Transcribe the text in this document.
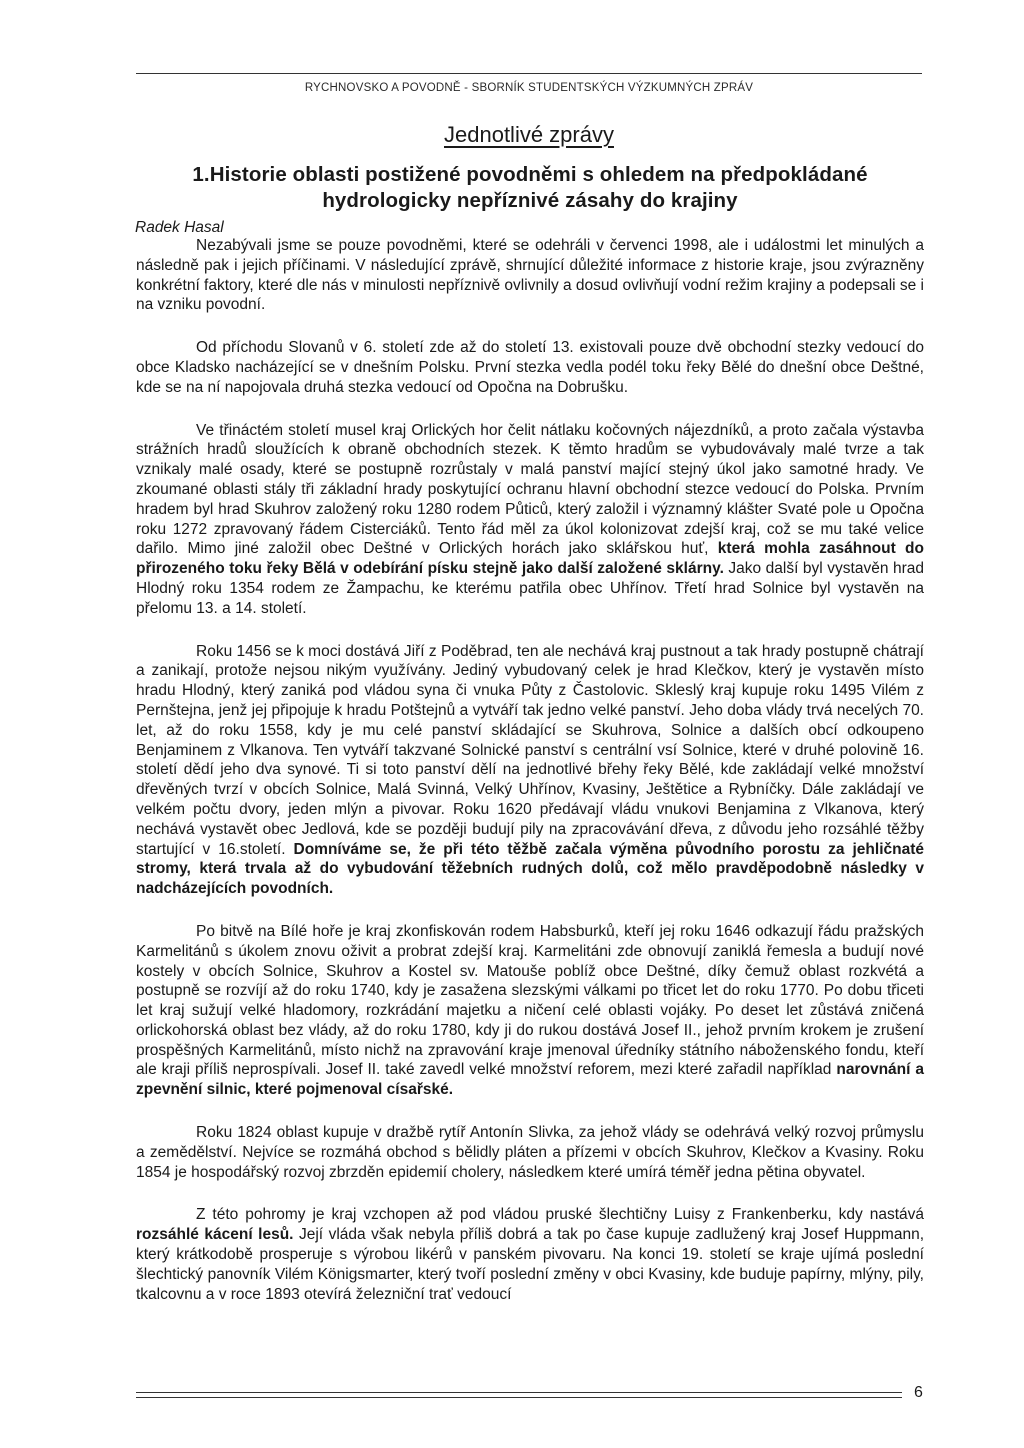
RYCHNOVSKO A POVODNĚ - SBORNÍK STUDENTSKÝCH VÝZKUMNÝCH ZPRÁV
Jednotlivé zprávy
1.Historie oblasti postižené povodněmi s ohledem na předpokládané hydrologicky nepříznivé zásahy do krajiny
Radek Hasal

Nezabývali jsme se pouze povodněmi, které se odehráli v červenci 1998, ale i událostmi let minulých a následně pak i jejich příčinami. V následující zprávě, shrnující důležité informace z historie kraje, jsou zvýrazněny konkrétní faktory, které dle nás v minulosti nepříznivě ovlivnily a dosud ovlivňují vodní režim krajiny a podepsali se i na vzniku povodní.

Od příchodu Slovanů v 6. století zde až do století 13. existovali pouze dvě obchodní stezky vedoucí do obce Kladsko nacházející se v dnešním Polsku. První stezka vedla podél toku řeky Bělé do dnešní obce Deštné, kde se na ní napojovala druhá stezka vedoucí od Opočna na Dobrušku.

Ve třináctém století musel kraj Orlických hor čelit nátlaku kočovných nájezdníků, a proto začala výstavba strážních hradů sloužících k obraně obchodních stezek. K těmto hradům se vybudovávaly malé tvrze a tak vznikaly malé osady, které se postupně rozrůstaly v malá panství mající stejný úkol jako samotné hrady. Ve zkoumané oblasti stály tři základní hrady poskytující ochranu hlavní obchodní stezce vedoucí do Polska. Prvním hradem byl hrad Skuhrov založený roku 1280 rodem Půticů, který založil i významný klášter Svaté pole u Opočna roku 1272 zpravovaný řádem Cisterciáků. Tento řád měl za úkol kolonizovat zdejší kraj, což se mu také velice dařilo. Mimo jiné založil obec Deštné v Orlických horách jako sklářskou huť, která mohla zasáhnout do přirozeného toku řeky Bělá v odebírání písku stejně jako další založené sklárny. Jako další byl vystavěn hrad Hlodný roku 1354 rodem ze Žampachu, ke kterému patřila obec Uhřínov. Třetí hrad Solnice byl vystavěn na přelomu 13. a 14. století.

Roku 1456 se k moci dostává Jiří z Poděbrad, ten ale nechává kraj pustnout a tak hrady postupně chátrají a zanikají, protože nejsou nikým využívány. Jediný vybudovaný celek je hrad Klečkov, který je vystavěn místo hradu Hlodný, který zaniká pod vládou syna či vnuka Půty z Častolovic. Skleslý kraj kupuje roku 1495 Vilém z Pernštejna, jenž jej připojuje k hradu Potštejnů a vytváří tak jedno velké panství. Jeho doba vlády trvá necelých 70. let, až do roku 1558, kdy je mu celé panství skládající se Skuhrova, Solnice a dalších obcí odkoupeno Benjaminem z Vlkanova. Ten vytváří takzvané Solnické panství s centrální vsí Solnice, které v druhé polovině 16. století dědí jeho dva synové. Ti si toto panství dělí na jednotlivé břehy řeky Bělé, kde zakládají velké množství dřevěných tvrzí v obcích Solnice, Malá Svinná, Velký Uhřínov, Kvasiny, Ještětice a Rybníčky. Dále zakládají ve velkém počtu dvory, jeden mlýn a pivovar. Roku 1620 předávají vládu vnukovi Benjamina z Vlkanova, který nechává vystavět obec Jedlová, kde se později budují pily na zpracovávání dřeva, z důvodu jeho rozsáhlé těžby startující v 16.století. Domníváme se, že při této těžbě začala výměna původního porostu za jehličnaté stromy, která trvala až do vybudování těžebních rudných dolů, což mělo pravděpodobně následky v nadcházejících povodních.

Po bitvě na Bílé hoře je kraj zkonfiskován rodem Habsburků, kteří jej roku 1646 odkazují řádu pražských Karmelitánů s úkolem znovu oživit a probrat zdejší kraj. Karmelitáni zde obnovují zaniklá řemesla a budují nové kostely v obcích Solnice, Skuhrov a Kostel sv. Matouše poblíž obce Deštné, díky čemuž oblast rozkvétá a postupně se rozvíjí až do roku 1740, kdy je zasažena slezskými válkami po třicet let do roku 1770. Po dobu třiceti let kraj sužují velké hladomory, rozkrádání majetku a ničení celé oblasti vojáky. Po deset let zůstává zničená orlickohorská oblast bez vlády, až do roku 1780, kdy ji do rukou dostává Josef II., jehož prvním krokem je zrušení prospěšných Karmelitánů, místo nichž na zpravování kraje jmenoval úředníky státního náboženského fondu, kteří ale kraji příliš neprospívali. Josef II. také zavedl velké množství reforem, mezi které zařadil například narovnání a zpevnění silnic, které pojmenoval císařské.

Roku 1824 oblast kupuje v dražbě rytíř Antonín Slivka, za jehož vlády se odehrává velký rozvoj průmyslu a zemědělství. Nejvíce se rozmáhá obchod s bělidly pláten a přízemi v obcích Skuhrov, Klečkov a Kvasiny. Roku 1854 je hospodářský rozvoj zbrzděn epidemií cholery, následkem které umírá téměř jedna pětina obyvatel.

Z této pohromy je kraj vzchopen až pod vládou pruské šlechtičny Luisy z Frankenberku, kdy nastává rozsáhlé kácení lesů. Její vláda však nebyla příliš dobrá a tak po čase kupuje zadlužený kraj Josef Huppmann, který krátkodobě prosperuje s výrobou likérů v panském pivovaru. Na konci 19. století se kraje ujímá poslední šlechtický panovník Vilém Königsmarter, který tvoří poslední změny v obci Kvasiny, kde buduje papírny, mlýny, pily, tkalcovnu a v roce 1893 otevírá železniční trať vedoucí

6
